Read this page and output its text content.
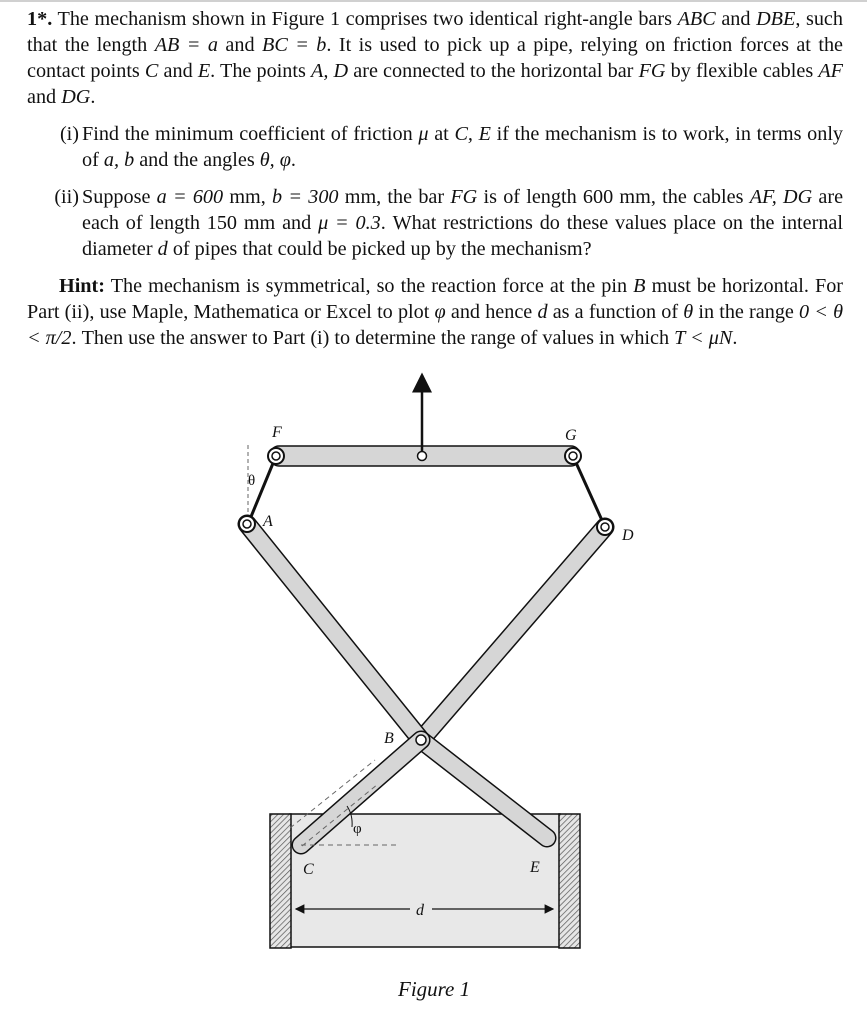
1*. The mechanism shown in Figure 1 comprises two identical right-angle bars ABC and DBE, such that the length AB = a and BC = b. It is used to pick up a pipe, relying on friction forces at the contact points C and E. The points A, D are connected to the horizontal bar FG by flexible cables AF and DG.

(i) Find the minimum coefficient of friction μ at C, E if the mechanism is to work, in terms only of a, b and the angles θ, φ.
(ii) Suppose a = 600 mm, b = 300 mm, the bar FG is of length 600 mm, the cables AF, DG are each of length 150 mm and μ = 0.3. What restrictions do these values place on the internal diameter d of pipes that could be picked up by the mechanism?

Hint: The mechanism is symmetrical, so the reaction force at the pin B must be horizontal. For Part (ii), use Maple, Mathematica or Excel to plot φ and hence d as a function of θ in the range 0 < θ < π/2. Then use the answer to Part (i) to determine the range of values in which T < μN.

F	G
A
D
B
C	E
θ
φ
d
Figure 1
